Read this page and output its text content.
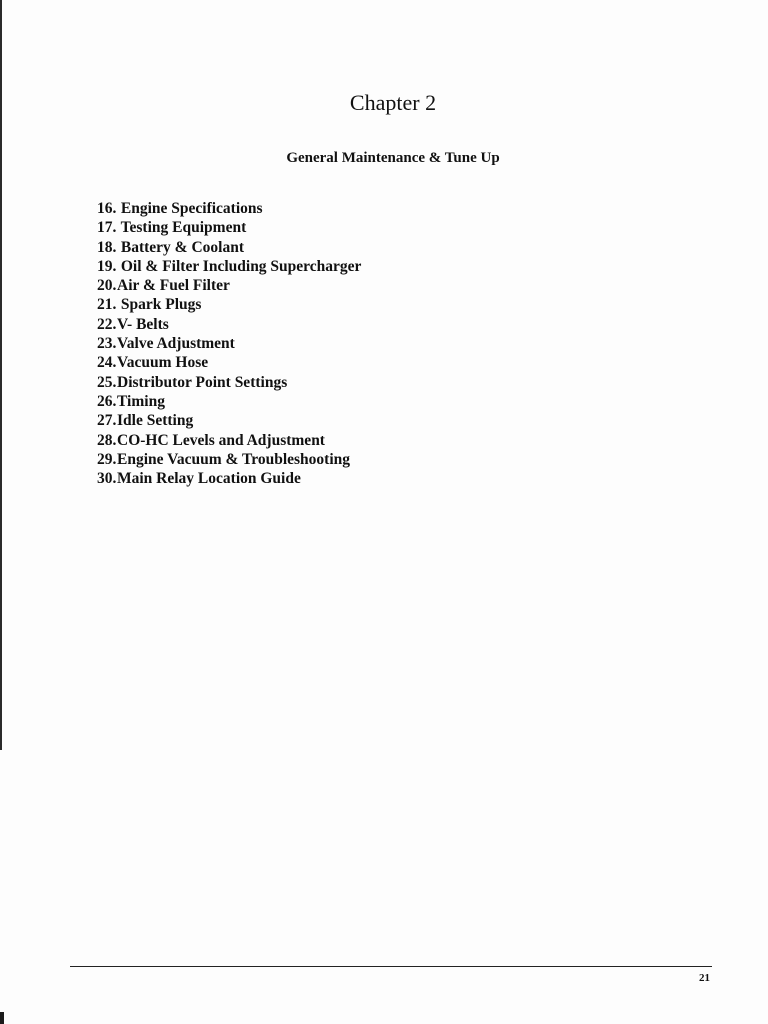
Chapter 2
General Maintenance & Tune Up
16. Engine Specifications
17. Testing Equipment
18. Battery & Coolant
19. Oil & Filter Including Supercharger
20.Air & Fuel Filter
21. Spark Plugs
22.V- Belts
23.Valve Adjustment
24.Vacuum Hose
25.Distributor Point Settings
26.Timing
27.Idle Setting
28.CO-HC Levels and Adjustment
29.Engine Vacuum & Troubleshooting
30.Main Relay Location Guide
21
